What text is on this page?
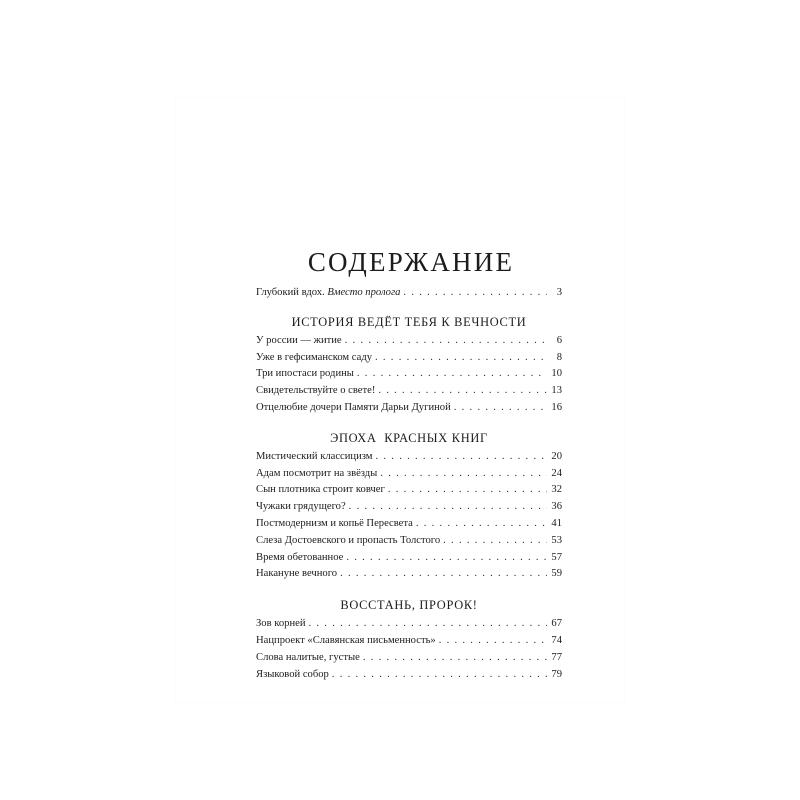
СОДЕРЖАНИЕ
Глубокий вдох. Вместо пролога . . .	3
ИСТОРИЯ ВЕДЁТ ТЕБЯ К ВЕЧНОСТИ
У россии — житие . . .	6
Уже в гефсиманском саду . . .	8
Три ипостаси родины . . .	10
Свидетельствуйте о свете! . . .	13
Отцелюбие дочери Памяти Дарьи Дугиной . . .	16
ЭПОХА  КРАСНЫХ КНИГ
Мистический классицизм . . .	20
Адам посмотрит на звёзды . . .	24
Сын плотника строит ковчег . . .	32
Чужаки грядущего? . . .	36
Постмодернизм и копьё Пересвета . . .	41
Слеза Достоевского и пропасть Толстого . . .	53
Время обетованное . . .	57
Накануне вечного . . .	59
ВОССТАНЬ, ПРОРОК!
Зов корней . . .	67
Нацпроект «Славянская письменность» . . .	74
Слова налитые, густые . . .	77
Языковой собор . . .	79
